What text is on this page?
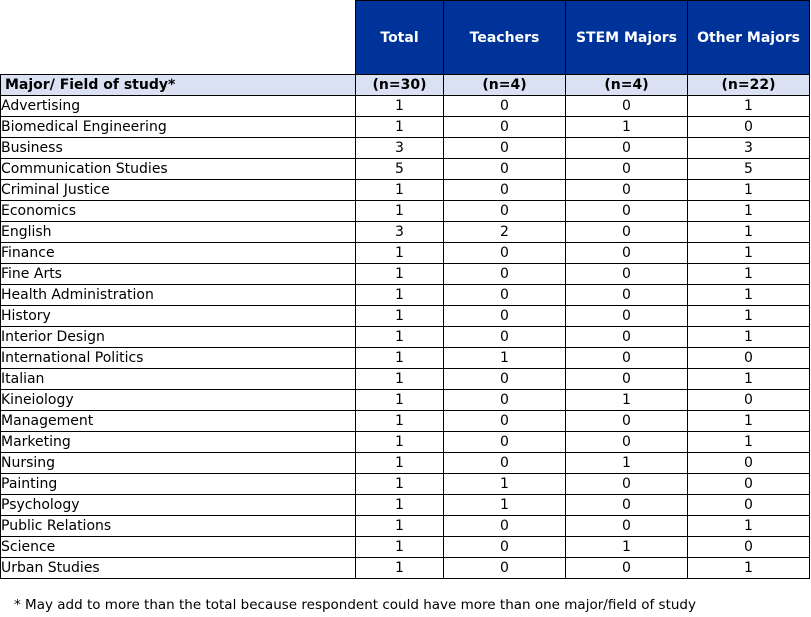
	Total	Teachers	STEM Majors	Other Majors
Major/ Field of study*	(n=30)	(n=4)	(n=4)	(n=22)
Advertising	1	0	0	1
Biomedical Engineering	1	0	1	0
Business	3	0	0	3
Communication Studies	5	0	0	5
Criminal Justice	1	0	0	1
Economics	1	0	0	1
English	3	2	0	1
Finance	1	0	0	1
Fine Arts	1	0	0	1
Health Administration	1	0	0	1
History	1	0	0	1
Interior Design	1	0	0	1
International Politics	1	1	0	0
Italian	1	0	0	1
Kineiology	1	0	1	0
Management	1	0	0	1
Marketing	1	0	0	1
Nursing	1	0	1	0
Painting	1	1	0	0
Psychology	1	1	0	0
Public Relations	1	0	0	1
Science	1	0	1	0
Urban Studies	1	0	0	1
* May add to more than the total because respondent could have more than one major/field of study
